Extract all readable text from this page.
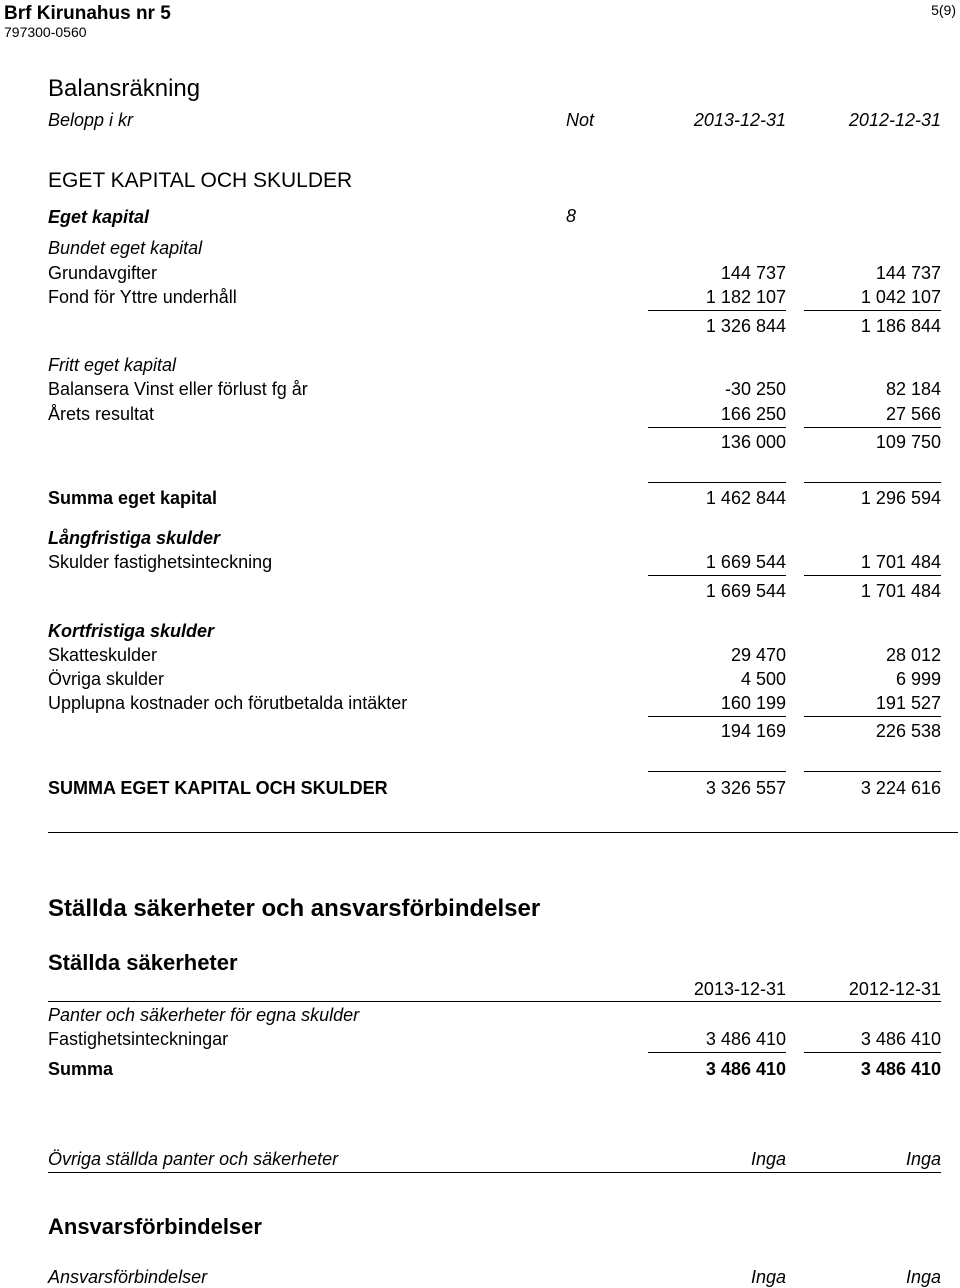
Brf Kirunahus nr 5
797300-0560
5(9)
Balansräkning
Belopp i kr	Not	2013-12-31	2012-12-31
EGET KAPITAL OCH SKULDER
Eget kapital	8
Bundet eget kapital
Grundavgifter	144 737	144 737
Fond för Yttre underhåll	1 182 107	1 042 107
1 326 844	1 186 844
Fritt eget kapital
Balansera Vinst eller förlust fg år	-30 250	82 184
Årets resultat	166 250	27 566
136 000	109 750
Summa eget kapital	1 462 844	1 296 594
Långfristiga skulder
Skulder fastighetsinteckning	1 669 544	1 701 484
1 669 544	1 701 484
Kortfristiga skulder
Skatteskulder	29 470	28 012
Övriga skulder	4 500	6 999
Upplupna kostnader och förutbetalda intäkter	160 199	191 527
194 169	226 538
SUMMA EGET KAPITAL OCH SKULDER	3 326 557	3 224 616
Ställda säkerheter och ansvarsförbindelser
Ställda säkerheter
2013-12-31	2012-12-31
Panter och säkerheter för egna skulder
Fastighetsinteckningar	3 486 410	3 486 410
Summa	3 486 410	3 486 410
Övriga ställda panter och säkerheter	Inga	Inga
Ansvarsförbindelser
Ansvarsförbindelser	Inga	Inga
